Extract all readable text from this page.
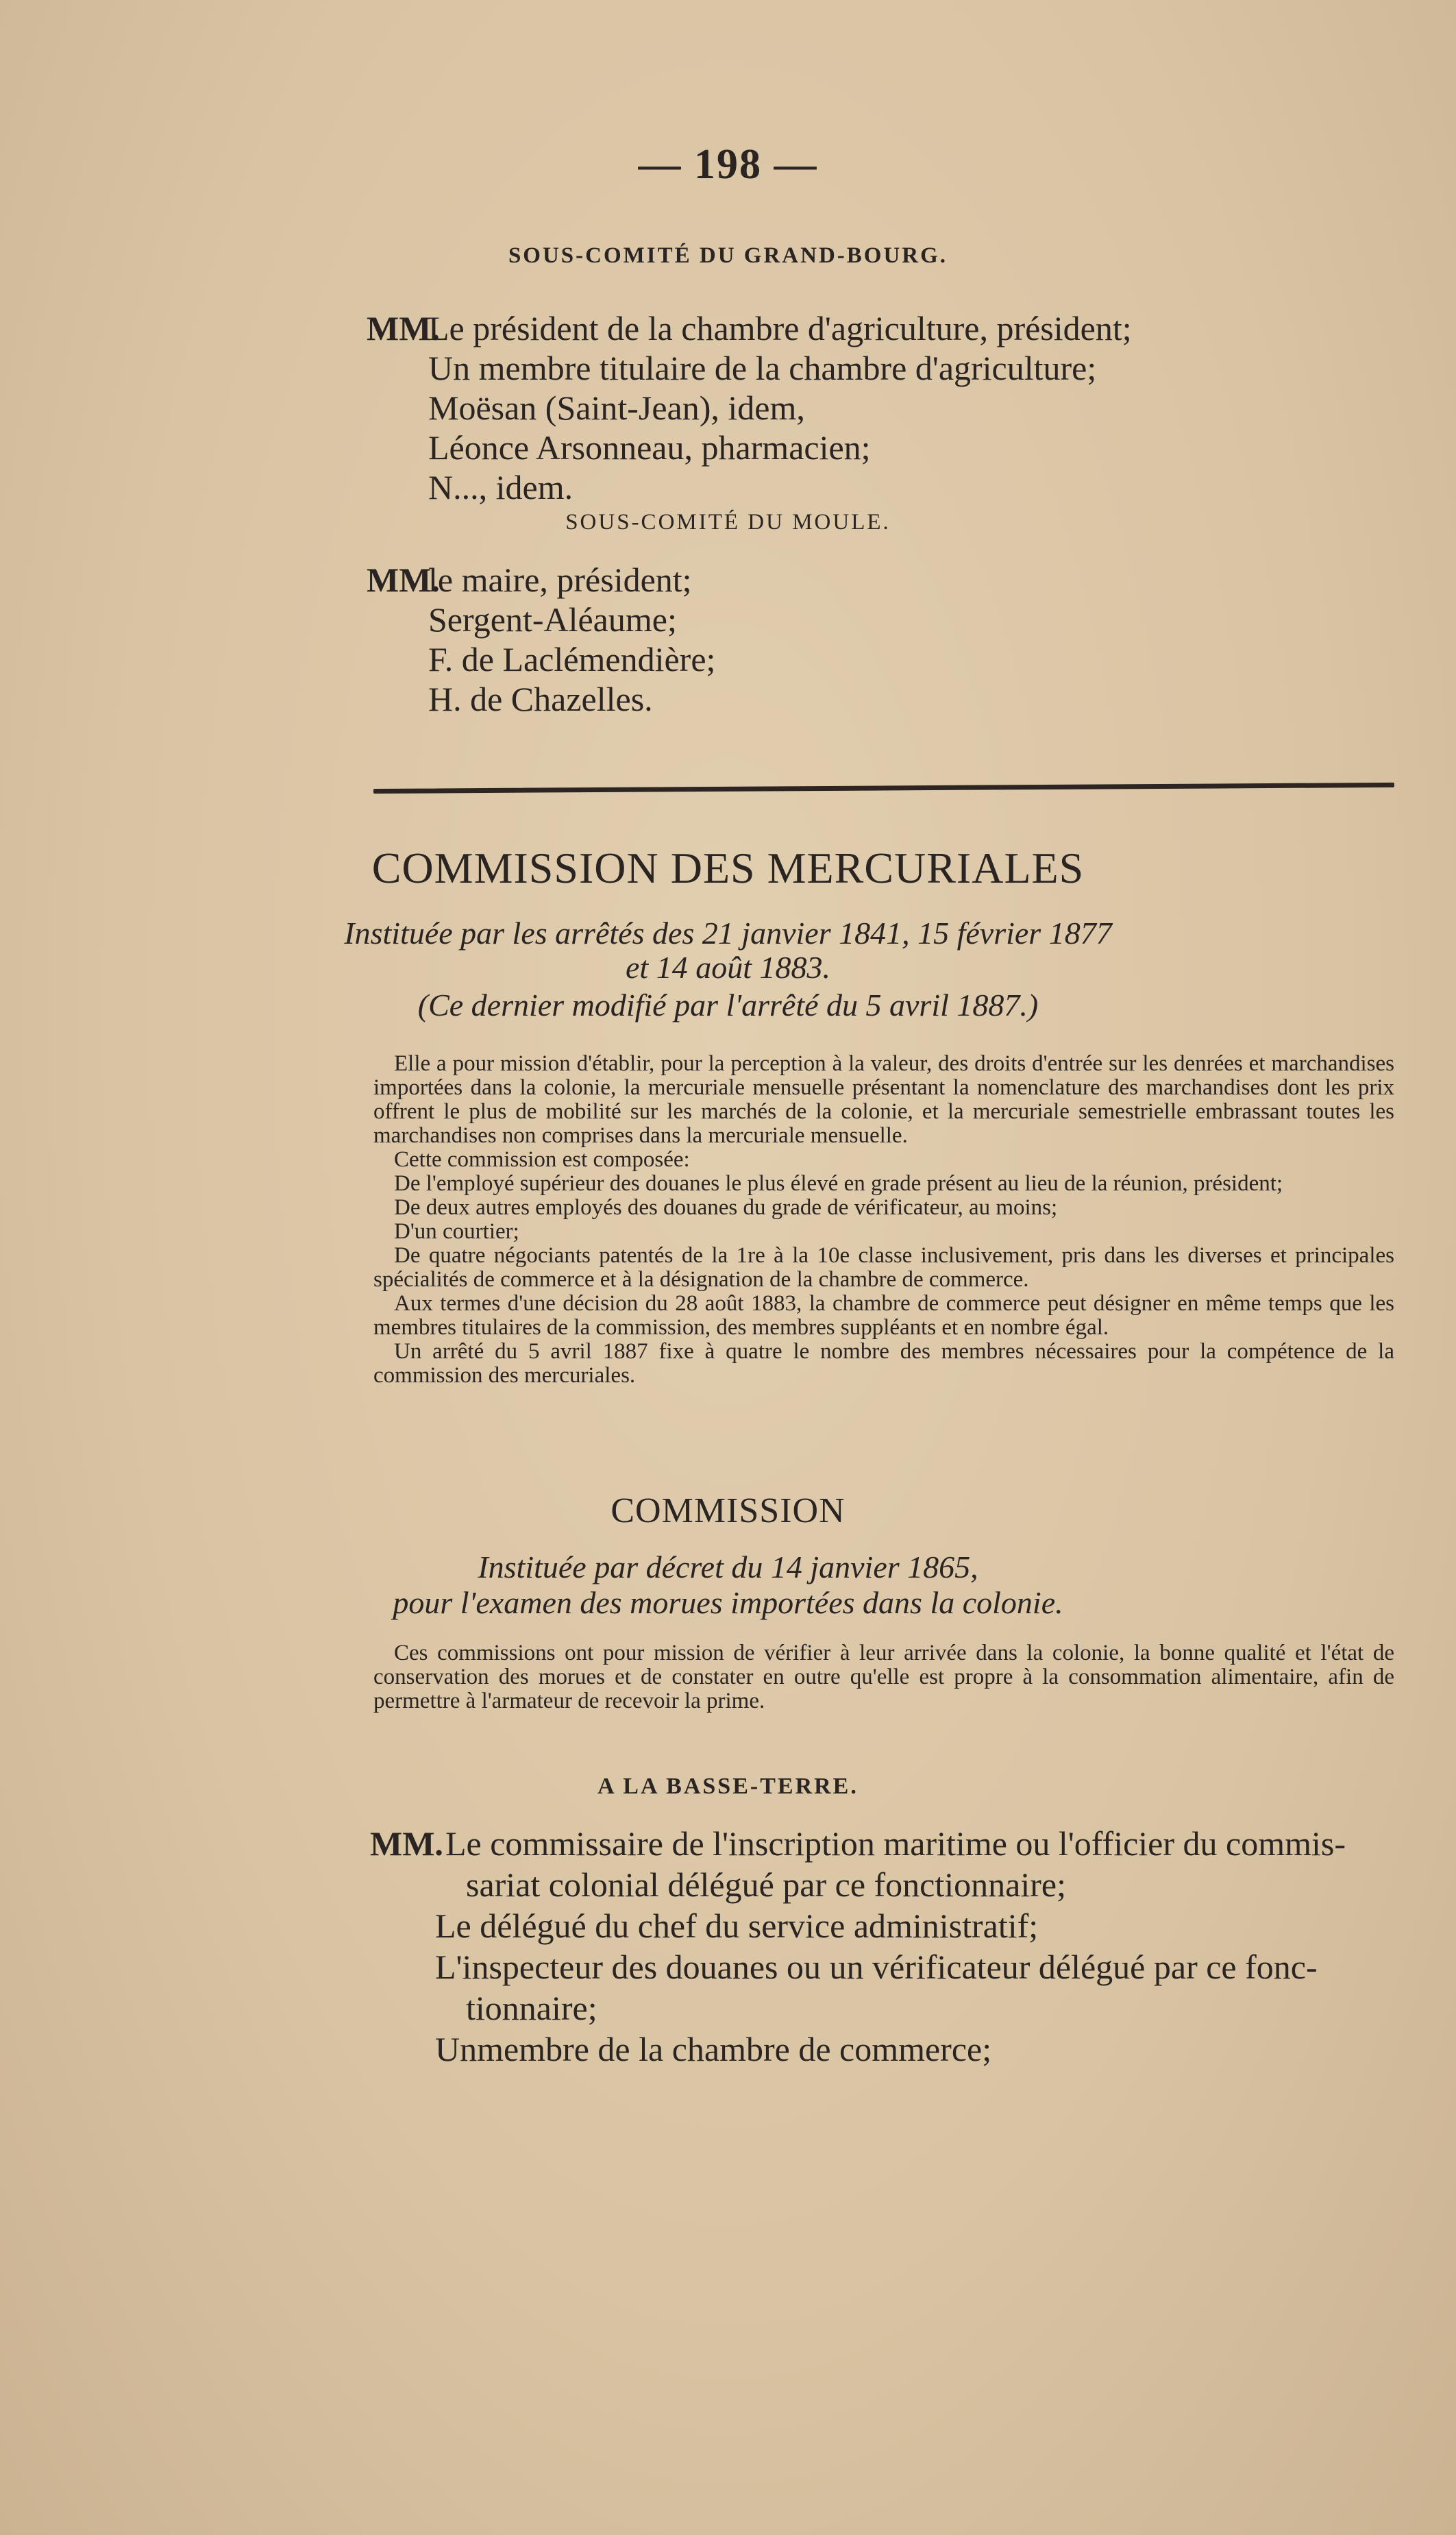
— 198 —
SOUS-COMITÉ DU GRAND-BOURG.
MM.Le président de la chambre d'agriculture, président;
Un membre titulaire de la chambre d'agriculture;
Moësan (Saint-Jean), idem,
Léonce Arsonneau, pharmacien;
N..., idem.
SOUS-COMITÉ DU MOULE.
MM.le maire, président;
Sergent-Aléaume;
F. de Laclémendière;
H. de Chazelles.
COMMISSION DES MERCURIALES
Instituée par les arrêtés des 21 janvier 1841, 15 février 1877
et 14 août 1883.
(Ce dernier modifié par l'arrêté du 5 avril 1887.)

Elle a pour mission d'établir, pour la perception à la valeur, des droits d'entrée sur les denrées et marchandises importées dans la colonie, la mercuriale mensuelle présentant la nomenclature des marchandises dont les prix offrent le plus de mobilité sur les marchés de la colonie, et la mercuriale semestrielle embrassant toutes les marchandises non comprises dans la mercuriale mensuelle.

Cette commission est composée:

De l'employé supérieur des douanes le plus élevé en grade présent au lieu de la réunion, président;

De deux autres employés des douanes du grade de vérificateur, au moins;

D'un courtier;

De quatre négociants patentés de la 1re à la 10e classe inclusivement, pris dans les diverses et principales spécialités de commerce et à la désignation de la chambre de commerce.

Aux termes d'une décision du 28 août 1883, la chambre de commerce peut désigner en même temps que les membres titulaires de la commission, des membres suppléants et en nombre égal.

Un arrêté du 5 avril 1887 fixe à quatre le nombre des membres nécessaires pour la compétence de la commission des mercuriales.

COMMISSION
Instituée par décret du 14 janvier 1865,
pour l'examen des morues importées dans la colonie.

Ces commissions ont pour mission de vérifier à leur arrivée dans la colonie, la bonne qualité et l'état de conservation des morues et de constater en outre qu'elle est propre à la consommation alimentaire, afin de permettre à l'armateur de recevoir la prime.

A LA BASSE-TERRE.
MM.Le commissaire de l'inscription maritime ou l'officier du commis-
sariat colonial délégué par ce fonctionnaire;
Le délégué du chef du service administratif;
L'inspecteur des douanes ou un vérificateur délégué par ce fonc-
tionnaire;
Unmembre de la chambre de commerce;
